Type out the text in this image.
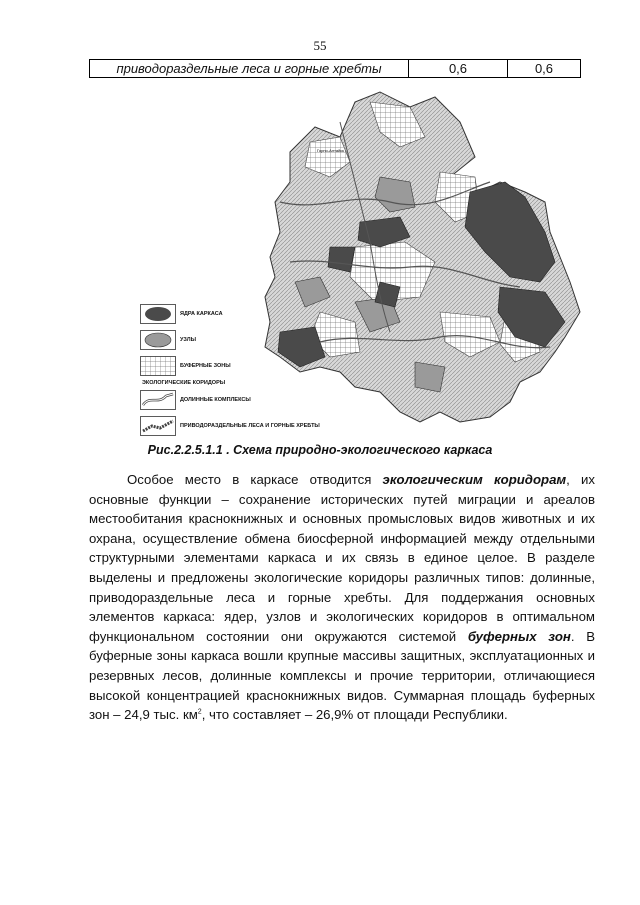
55
приводораздельные леса и горные хребты	0,6	0,6
Горно-Алтайск
ЯДРА КАРКАСА
УЗЛЫ
БУФЕРНЫЕ ЗОНЫ
ЭКОЛОГИЧЕСКИЕ КОРИДОРЫ
ДОЛИННЫЕ КОМПЛЕКСЫ
ПРИВОДОРАЗДЕЛЬНЫЕ ЛЕСА И ГОРНЫЕ ХРЕБТЫ
Рис.2.2.5.1.1 . Схема природно-экологического каркаса

Особое место в каркасе отводится экологическим коридорам, их основные функции – сохранение исторических путей миграции и ареалов местообитания краснокнижных и основных промысловых видов животных и их охрана, осуществление обмена биосферной информацией между отдельными структурными элементами каркаса и их связь в единое целое. В разделе выделены и предложены экологические коридоры различных типов: долинные, приводораздельные леса и горные хребты. Для поддержания основных элементов каркаса: ядер, узлов и экологических коридоров в оптимальном функциональном состоянии они окружаются системой буферных зон. В буферные зоны каркаса вошли крупные массивы защитных, эксплуатационных и резервных лесов, долинные комплексы и прочие территории, отличающиеся высокой концентрацией краснокнижных видов. Суммарная площадь буферных зон – 24,9 тыс. $км^2$, что составляет – 26,9% от площади Республики.
